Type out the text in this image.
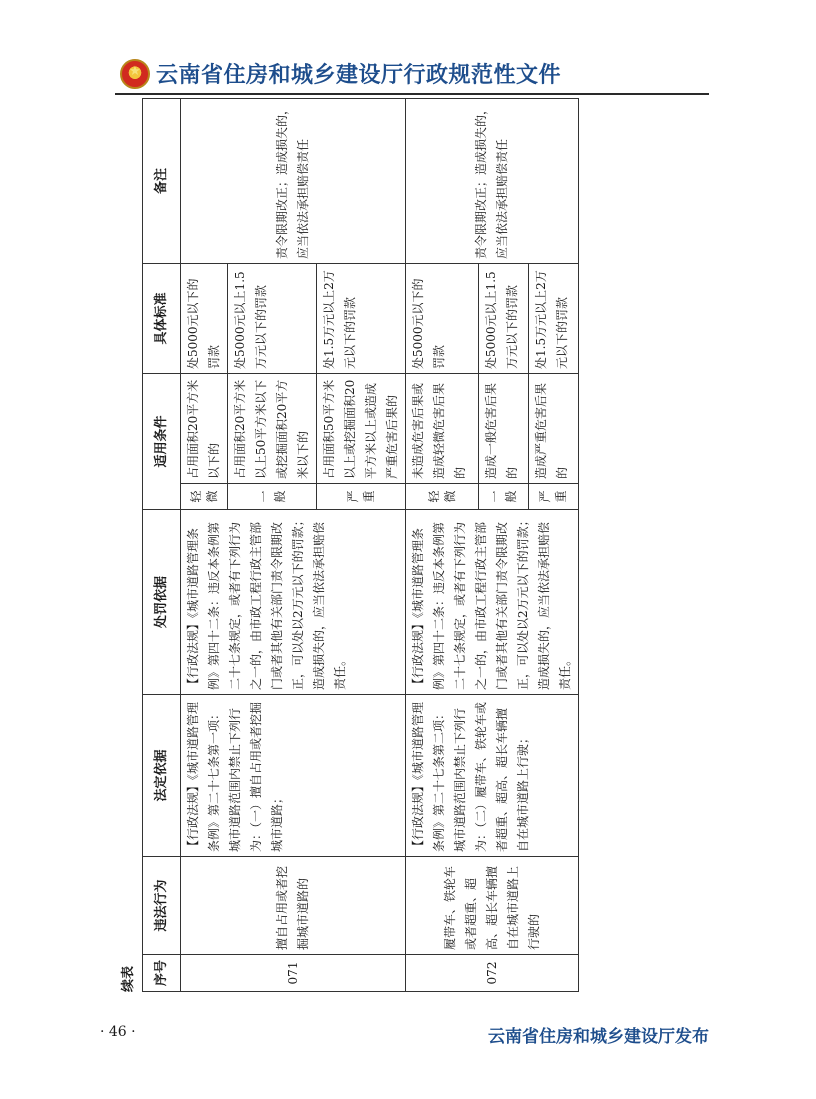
★
云南省住房和城乡建设厅行政规范性文件
续表	序号	违法行为	法定依据	处罚依据	适用条件		具体标准	备注
071	擅自占用或者挖掘城市道路的	【行政法规】《城市道路管理条例》第二十七条第一项：城市道路范围内禁止下列行为：（一）擅自占用或者挖掘城市道路；	【行政法规】《城市道路管理条例》第四十二条：违反本条例第二十七条规定，或者有下列行为之一的，由市政工程行政主管部门或者其他有关部门责令限期改正，可以处以2万元以下的罚款；造成损失的，应当依法承担赔偿责任。	轻 微	占用面积20平方米以下的	处5000元以下的罚款	责令限期改正；造成损失的，应当依法承担赔偿责任

				一 般	占用面积20平方米以上50平方米以下或挖掘面积20平方米以下的	处5000元以上1.5万元以下的罚款	

				严 重	占用面积50平方米以上或挖掘面积20平方米以上或造成严重危害后果的	处1.5万元以上2万元以下的罚款	
072	履带车、铁轮车或者超重、超高、超长车辆擅自在城市道路上行驶的	【行政法规】《城市道路管理条例》第二十七条第二项：城市道路范围内禁止下列行为：（二）履带车、铁轮车或者超重、超高、超长车辆擅自在城市道路上行驶；	【行政法规】《城市道路管理条例》第四十二条：违反本条例第二十七条规定，或者有下列行为之一的，由市政工程行政主管部门或者其他有关部门责令限期改正，可以处以2万元以下的罚款；造成损失的，应当依法承担赔偿责任。	轻 微	未造成危害后果或造成轻微危害后果的	处5000元以下的罚款	责令限期改正；造成损失的，应当依法承担赔偿责任

				一 般	造成一般危害后果的	处5000元以上1.5万元以下的罚款	

				严 重	造成严重危害后果的	处1.5万元以上2万元以下的罚款	
· 46 ·	云南省住房和城乡建设厅发布
